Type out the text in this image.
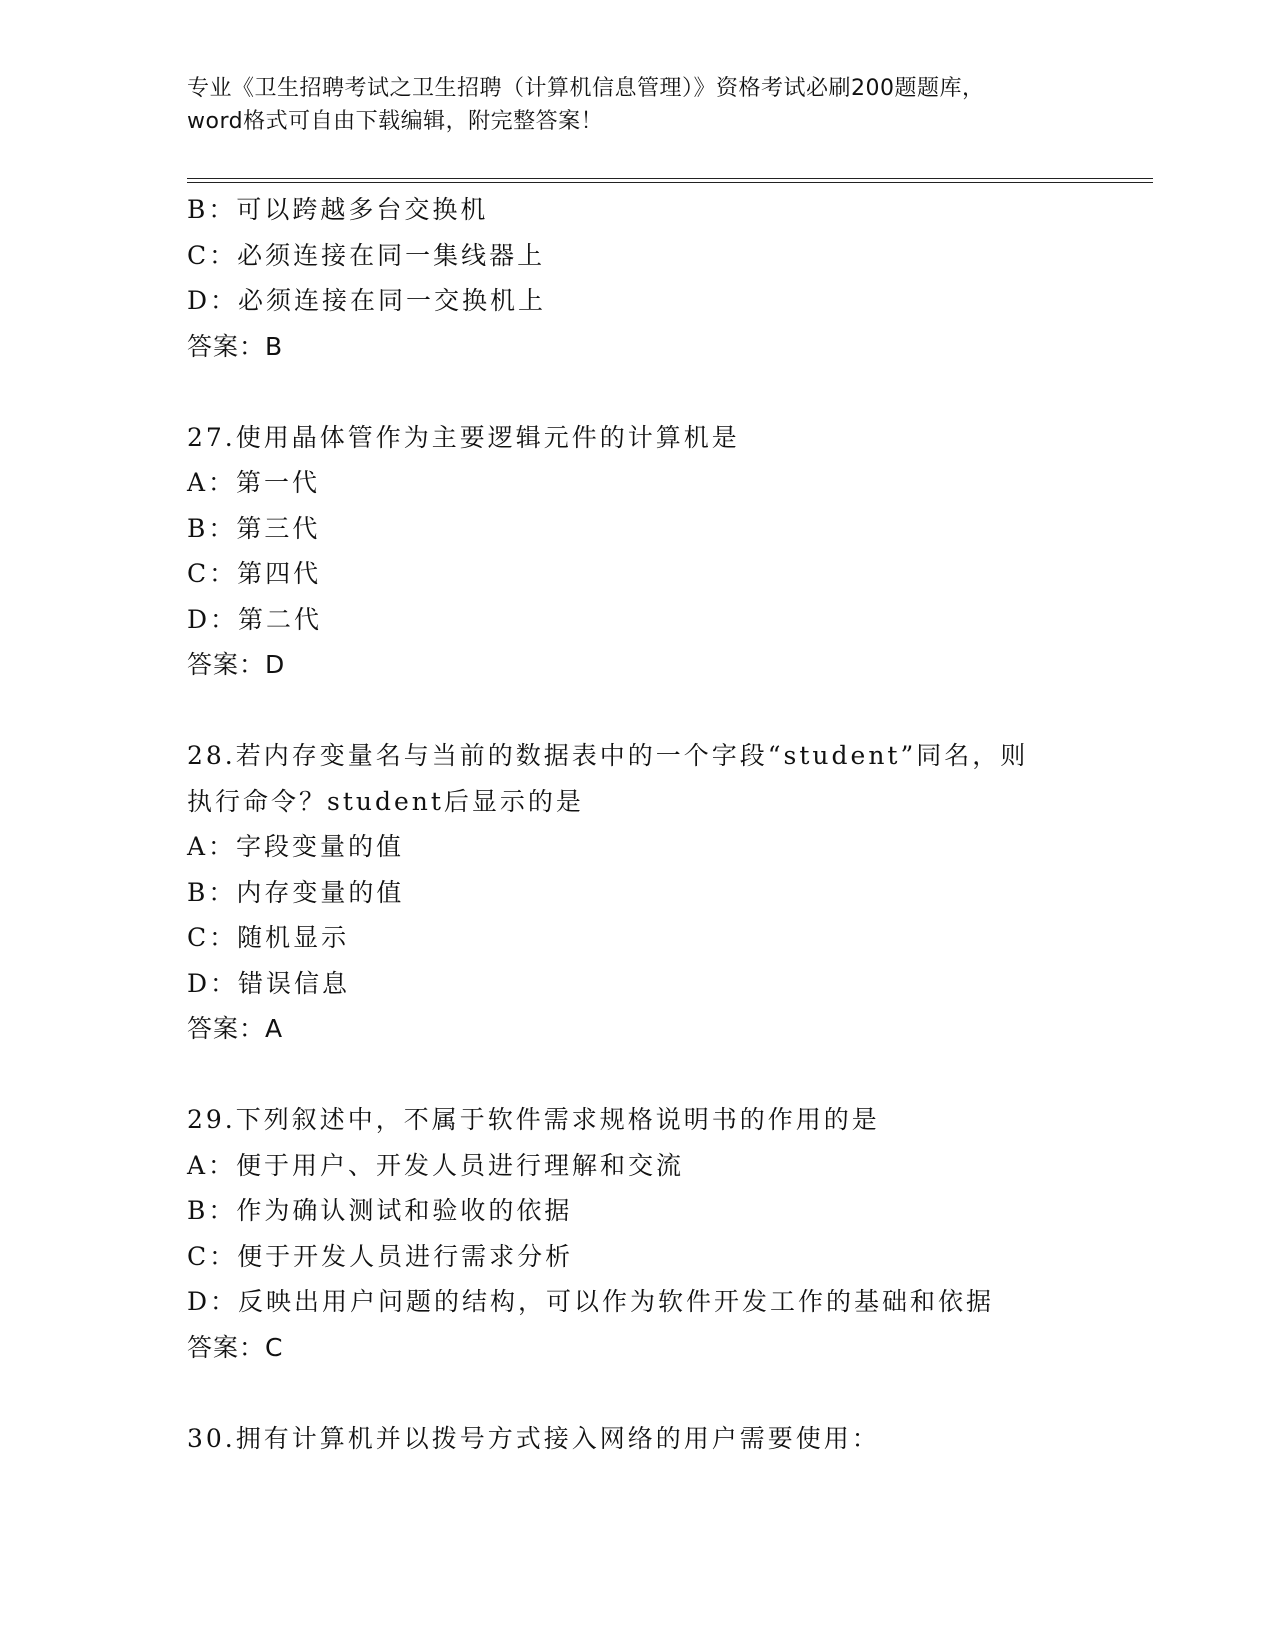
专业《卫生招聘考试之卫生招聘（计算机信息管理）》资格考试必刷200题题库，
word格式可自由下载编辑，附完整答案！
B：可以跨越多台交换机
C：必须连接在同一集线器上
D：必须连接在同一交换机上
答案：B
27.使用晶体管作为主要逻辑元件的计算机是
A：第一代
B：第三代
C：第四代
D：第二代
答案：D
28.若内存变量名与当前的数据表中的一个字段“student”同名，则
执行命令？student后显示的是
A：字段变量的值
B：内存变量的值
C：随机显示
D：错误信息
答案：A
29.下列叙述中，不属于软件需求规格说明书的作用的是
A：便于用户、开发人员进行理解和交流
B：作为确认测试和验收的依据
C：便于开发人员进行需求分析
D：反映出用户问题的结构，可以作为软件开发工作的基础和依据
答案：C
30.拥有计算机并以拨号方式接入网络的用户需要使用：
